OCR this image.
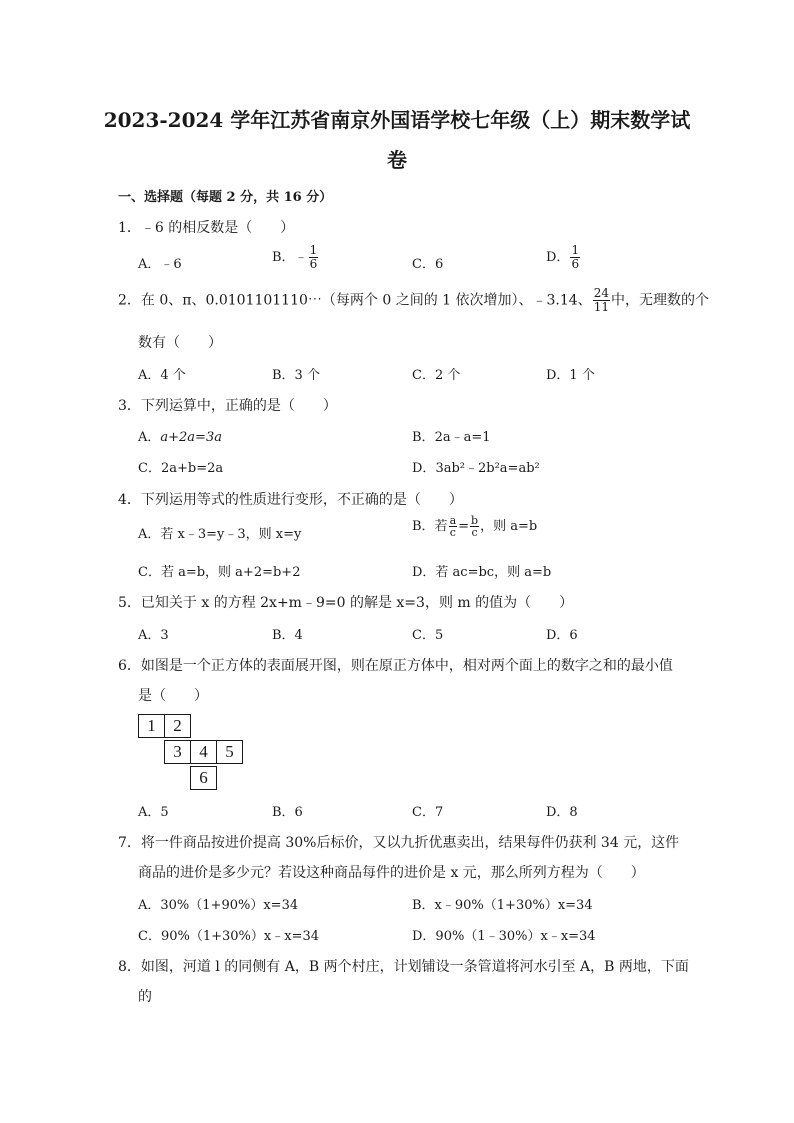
2023-2024 学年江苏省南京外国语学校七年级（上）期末数学试
卷
一、选择题（每题 2 分，共 16 分）
1．﹣6 的相反数是（　　）
A．﹣6	B．﹣ $\frac{1}{6}$	C．6	D． $\frac{1}{6}$
2．在 0、π、0.0101101110⋯（每两个 0 之间的 1 依次增加）、﹣3.14、 $\frac{24}{11}$ 中，无理数的个
数有（　　）
A．4 个	B．3 个	C．2 个	D．1 个
3．下列运算中，正确的是（　　）
A．a+2a=3a	B．2a﹣a=1
C．2a+b=2a	D．3ab²﹣2b²a=ab²
4．下列运用等式的性质进行变形，不正确的是（　　）
A．若 x﹣3=y﹣3，则 x=y
B．若 $\frac{a}{c} = \frac{b}{c}$ ，则 a=b
C．若 a=b，则 a+2=b+2	D．若 ac=bc，则 a=b
5．已知关于 x 的方程 2x+m﹣9=0 的解是 x=3，则 m 的值为（　　）
A．3	B．4	C．5	D．6
6．如图是一个正方体的表面展开图，则在原正方体中，相对两个面上的数字之和的最小值
是（　　）
1	2
3	4	5
6
A．5	B．6	C．7	D．8
7．将一件商品按进价提高 30%后标价，又以九折优惠卖出，结果每件仍获利 34 元，这件
商品的进价是多少元？若设这种商品每件的进价是 x 元，那么所列方程为（　　）
A．30%（1+90%）x=34	B．x﹣90%（1+30%）x=34
C．90%（1+30%）x﹣x=34	D．90%（1﹣30%）x﹣x=34
8．如图，河道 l 的同侧有 A，B 两个村庄，计划铺设一条管道将河水引至 A，B 两地，下面
的
